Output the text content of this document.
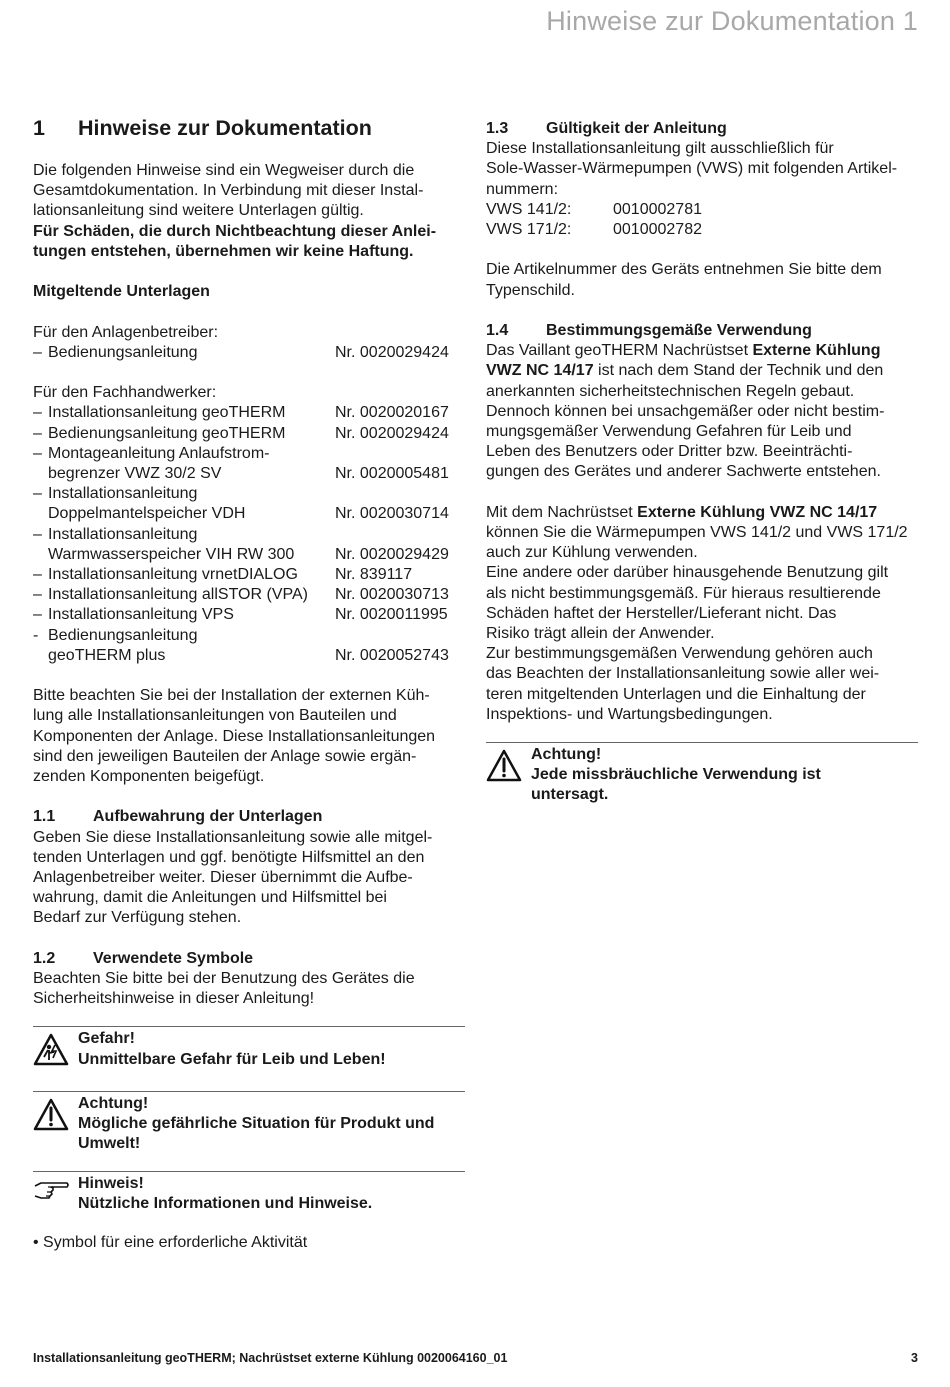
Hinweise zur Dokumentation 1
1	Hinweise zur Dokumentation

Die folgenden Hinweise sind ein Wegweiser durch die

Gesamtdokumentation. In Verbindung mit dieser Instal-

lationsanleitung sind weitere Unterlagen gültig.

Für Schäden, die durch Nichtbeachtung dieser Anlei-

tungen entstehen, übernehmen wir keine Haftung.

Mitgeltende Unterlagen

Für den Anlagenbetreiber:

– Bedienungsanleitung	Nr. 0020029424

Für den Fachhandwerker:

– Installationsanleitung geoTHERM	Nr. 0020020167
– Bedienungsanleitung geoTHERM	Nr. 0020029424
– Montageanleitung Anlaufstrom-
begrenzer VWZ 30/2 SV	Nr. 0020005481
– Installationsanleitung
Doppelmantelspeicher VDH	Nr. 0020030714
– Installationsanleitung
Warmwasserspeicher VIH RW 300	Nr. 0020029429
– Installationsanleitung vrnetDIALOG	Nr. 839117
– Installationsanleitung allSTOR (VPA)	Nr. 0020030713
– Installationsanleitung VPS	Nr. 0020011995
- Bedienungsanleitung
geoTHERM plus	Nr. 0020052743

Bitte beachten Sie bei der Installation der externen Küh-

lung alle Installationsanleitungen von Bauteilen und

Komponenten der Anlage. Diese Installationsanleitungen

sind den jeweiligen Bauteilen der Anlage sowie ergän-

zenden Komponenten beigefügt.

1.1	Aufbewahrung der Unterlagen

Geben Sie diese Installationsanleitung sowie alle mitgel-

tenden Unterlagen und ggf. benötigte Hilfsmittel an den

Anlagenbetreiber weiter. Dieser übernimmt die Aufbe-

wahrung, damit die Anleitungen und Hilfsmittel bei

Bedarf zur Verfügung stehen.

1.2	Verwendete Symbole

Beachten Sie bitte bei der Benutzung des Gerätes die

Sicherheitshinweise in dieser Anleitung!

Gefahr!

Unmittelbare Gefahr für Leib und Leben!

Achtung!

Mögliche gefährliche Situation für Produkt und

Umwelt!

Hinweis!

Nützliche Informationen und Hinweise.

• Symbol für eine erforderliche Aktivität

1.3	Gültigkeit der Anleitung

Diese Installationsanleitung gilt ausschließlich für

Sole-Wasser-Wärmepumpen (VWS) mit folgenden Artikel-

nummern:

VWS 141/2:	0010002781
VWS 171/2:	0010002782

Die Artikelnummer des Geräts entnehmen Sie bitte dem

Typenschild.

1.4	Bestimmungsgemäße Verwendung

Das Vaillant geoTHERM Nachrüstset Externe Kühlung

VWZ NC 14/17 ist nach dem Stand der Technik und den

anerkannten sicherheitstechnischen Regeln gebaut.

Dennoch können bei unsachgemäßer oder nicht bestim-

mungsgemäßer Verwendung Gefahren für Leib und

Leben des Benutzers oder Dritter bzw. Beeinträchti-

gungen des Gerätes und anderer Sachwerte entstehen.

Mit dem Nachrüstset Externe Kühlung VWZ NC 14/17

können Sie die Wärmepumpen VWS 141/2 und VWS 171/2

auch zur Kühlung verwenden.

Eine andere oder darüber hinausgehende Benutzung gilt

als nicht bestimmungsgemäß. Für hieraus resultierende

Schäden haftet der Hersteller/Lieferant nicht. Das

Risiko trägt allein der Anwender.

Zur bestimmungsgemäßen Verwendung gehören auch

das Beachten der Installationsanleitung sowie aller wei-

teren mitgeltenden Unterlagen und die Einhaltung der

Inspektions- und Wartungsbedingungen.

Achtung!

Jede missbräuchliche Verwendung ist

untersagt.

Installationsanleitung geoTHERM; Nachrüstset externe Kühlung 0020064160_01	3
